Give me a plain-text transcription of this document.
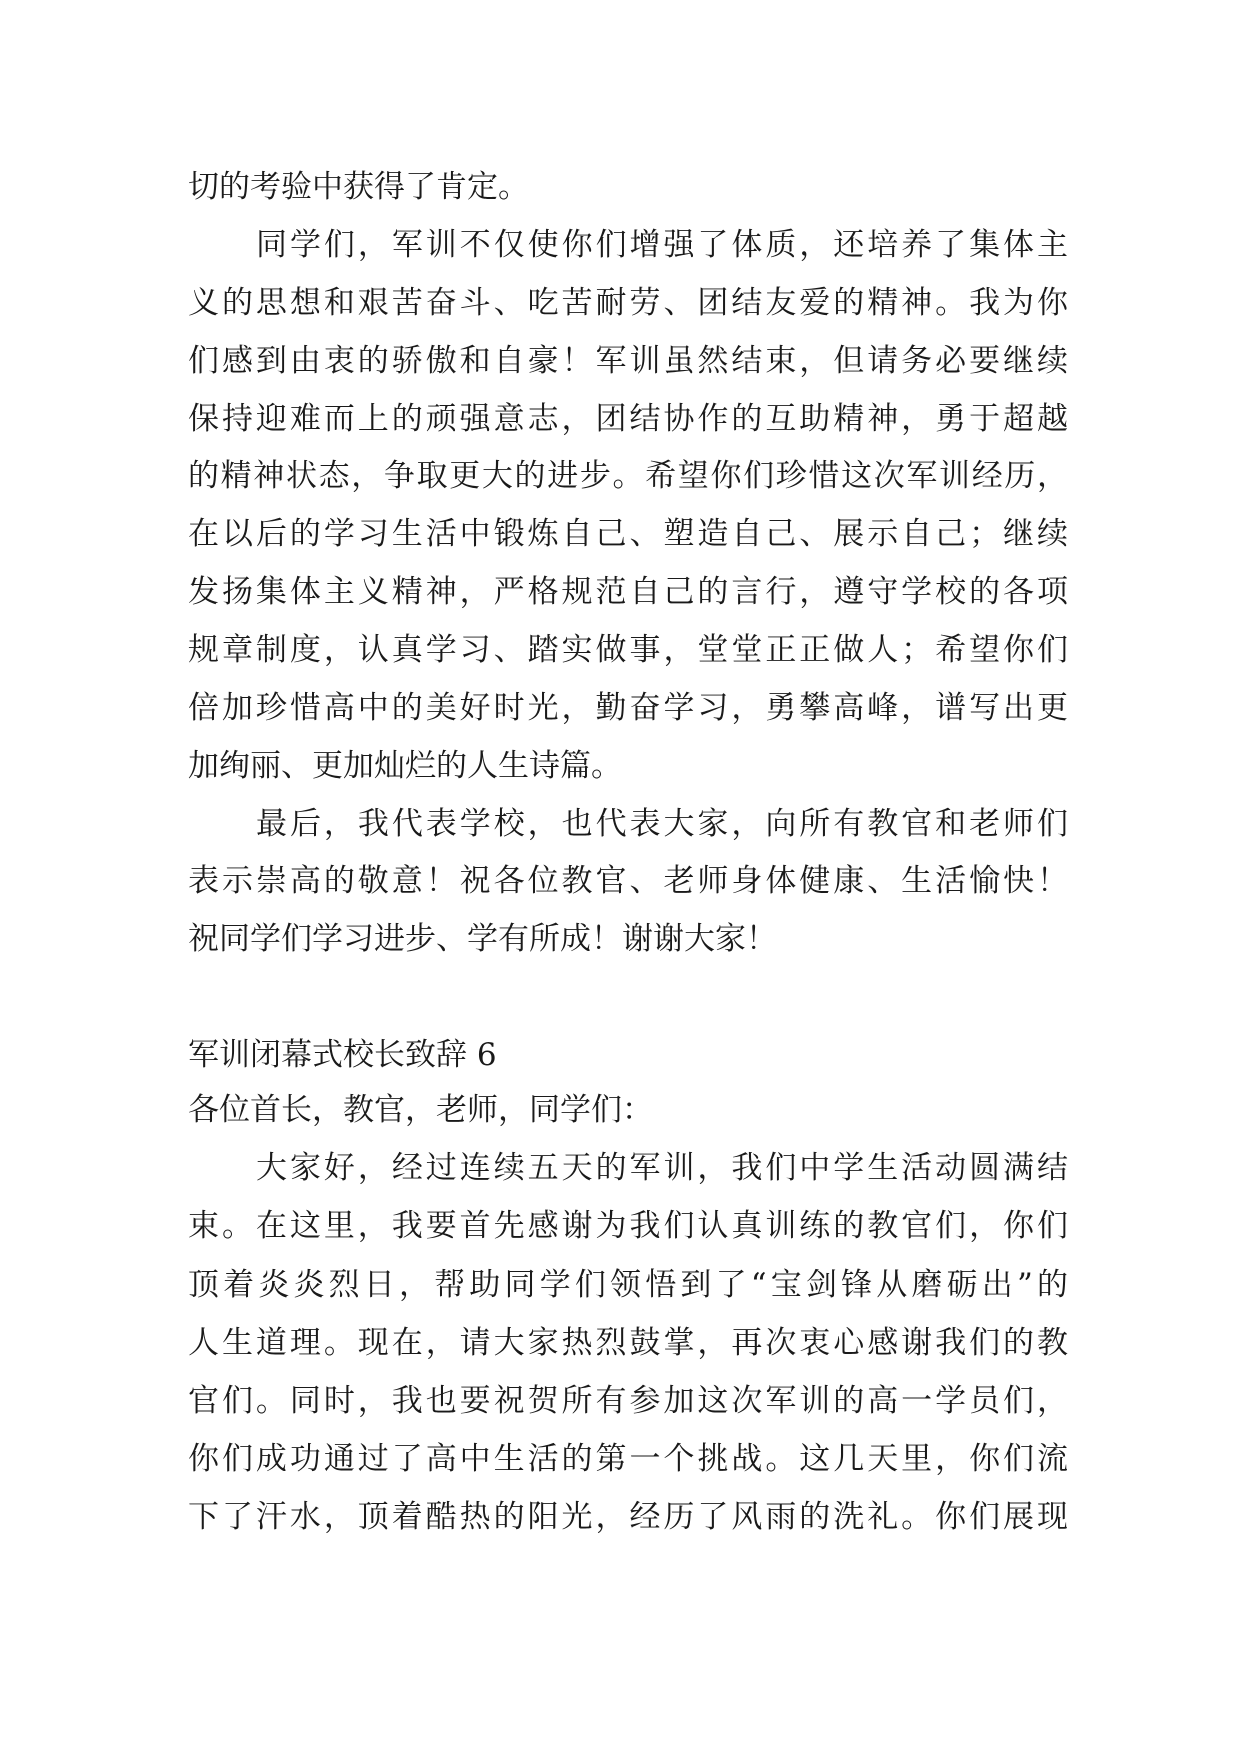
切的考验中获得了肯定。

同学们，军训不仅使你们增强了体质，还培养了集体主

义的思想和艰苦奋斗、吃苦耐劳、团结友爱的精神。我为你

们感到由衷的骄傲和自豪！军训虽然结束，但请务必要继续

保持迎难而上的顽强意志，团结协作的互助精神，勇于超越

的精神状态，争取更大的进步。希望你们珍惜这次军训经历，

在以后的学习生活中锻炼自己、塑造自己、展示自己；继续

发扬集体主义精神，严格规范自己的言行，遵守学校的各项

规章制度，认真学习、踏实做事，堂堂正正做人；希望你们

倍加珍惜高中的美好时光，勤奋学习，勇攀高峰，谱写出更

加绚丽、更加灿烂的人生诗篇。

最后，我代表学校，也代表大家，向所有教官和老师们

表示崇高的敬意！祝各位教官、老师身体健康、生活愉快！

祝同学们学习进步、学有所成！谢谢大家！

军训闭幕式校长致辞 6

各位首长，教官，老师，同学们：

大家好，经过连续五天的军训，我们中学生活动圆满结

束。在这里，我要首先感谢为我们认真训练的教官们，你们

顶着炎炎烈日，帮助同学们领悟到了“宝剑锋从磨砺出”的

人生道理。现在，请大家热烈鼓掌，再次衷心感谢我们的教

官们。同时，我也要祝贺所有参加这次军训的高一学员们，

你们成功通过了高中生活的第一个挑战。这几天里，你们流

下了汗水，顶着酷热的阳光，经历了风雨的洗礼。你们展现
